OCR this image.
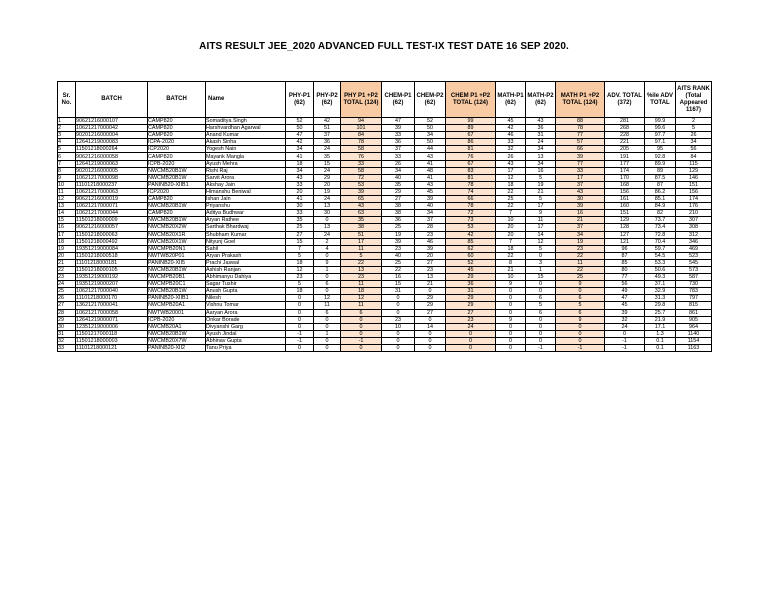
AITS RESULT JEE_2020 ADVANCED FULL TEST-IX TEST DATE 16 SEP 2020.
Sr. No.	BATCH	BATCH	Name	PHY-P1 (62)	PHY-P2 (62)	PHY P1 +P2 TOTAL (124)	CHEM-P1 (62)	CHEM-P2 (62)	CHEM P1 +P2 TOTAL (124)	MATH-P1 (62)	MATH-P2 (62)	MATH P1 +P2 TOTAL (124)	ADV. TOTAL (372)	%ile ADV TOTAL	AITS RANK (Total Appeared 1167)
1	90621216000107	CAMP820	Somaditya Singh	52	42	94	47	52	99	45	43	88	281	99.9	2
2	10621217000042	CAMP820	Harshvardhan Agarwal	50	51	101	39	50	89	42	36	78	268	99.6	5
3	90201216000004	CAMP820	Anand Kumar	47	37	84	33	34	67	46	31	77	228	97.7	26
4	12641219000083	ICPA-2020	Akash Sinha	42	36	78	36	50	86	33	24	57	221	97.1	34
5	11501218000264	ICP2020	Yogesh Nain	34	24	58	37	44	81	32	34	66	205	95	56
6	90621216000058	CAMP820	Mayank Mangla	41	35	76	33	43	76	26	13	39	191	92.8	84
7	12641219000063	ICPB-2020	Ayush Mehra	18	15	33	26	41	67	43	34	77	177	89.9	115
8	90201216000005	NWCMB20B1W	Rishi Raj	34	24	58	34	48	83	17	16	33	174	89	129
9	10621217000098	NWCMB20B1W	Sarvit Arora	43	29	72	40	41	81	12	5	17	170	87.5	146
10	11101218000237	PANINB20-XIIB1	Akshay Jain	33	20	53	35	43	78	18	19	37	168	87	151
11	10621217000063	ICP2020	Himanshu Beniwal	20	19	39	29	45	74	22	21	43	156	86.2	156
12	90621216000019	CAMP820	Ishan Jain	41	24	65	27	39	66	25	5	30	161	85.1	174
13	10621217000071	NWCMB20B1W	Priyanshu	30	13	43	38	40	78	22	17	39	160	84.9	176
14	10621217000044	CAMP820	Aditya Budhwar	33	30	63	38	34	72	7	9	16	151	82	210
15	11501218000009	NWCMB20B1W	Aryan Rathee	35	0	35	36	37	73	10	11	21	129	73.7	307
16	90621216000057	NWCMB20X2W	Sarthak Bhardwaj	25	13	38	25	28	53	20	17	37	128	73.4	308
17	11501218000063	NWCMB20X1R	Shubham Kumar	27	24	51	19	23	42	20	14	34	127	72.8	312
18	11501218000492	NWCMB20X1W	Nityunj Goel	15	2	17	39	46	85	7	12	19	121	70.4	346
19	19351219000084	NWCMPB20N1	Sahil	7	4	11	23	39	62	18	5	23	96	59.7	469
20	11501218000518	NWTWB20P01	Aryan Prakash	5	0	5	40	20	60	22	0	22	87	54.5	523
21	11101218000181	PANINB20-XII5	Prachi Jaswal	18	9	22	25	27	52	8	3	11	85	53.3	545
22	11501218000105	NWCMB20B1W	Ashish Ranjan	12	1	13	22	23	45	21	1	22	80	50.6	573
23	19351219000192	NWCMPB20B1	Abhimanyu Dahiya	23	0	23	16	13	29	10	15	25	77	49.3	587
24	19351219000207	NWCMPB20C1	Sagar Tushir	5	6	11	15	21	36	9	0	9	56	37.1	730
25	10621217000040	NWCMB20B1W	Anush Gupta	18	0	18	31	0	31	0	0	0	49	32.9	783
26	11101218000170	PANINB20-XIIB1	Nilesh	0	12	12	0	29	29	0	6	6	47	31.3	797
27	13621217000041	NWCMPB20A1	Vishnu Tomar	0	11	11	0	29	29	0	5	5	45	29.8	815
28	10621217000058	NWTWB20001	Aaryan Arora	0	6	6	0	27	27	0	6	6	39	25.7	861
29	12641219000071	ICPB-2020	Onkar Borade	0	0	0	23	0	23	9	0	9	32	21.9	905
30	12351219000006	NWCMB20A1	Divyanshi Garg	0	0	0	10	14	24	0	0	0	24	17.1	964
31	11501217000118	NWCMB20B1W	Ayush Jindal	-1	1	0	0	0	0	0	0	0	0	1.3	1140
32	11501218000003	NWCMB20X7W	Abhinav Gupta	-1	0	-1	0	0	0	0	0	0	-1	0.1	1154
33	11101218000121	PANINB20-XII2	Tanu Priya	0	0	0	0	0	0	0	-1	-1	-1	0.1	1163
